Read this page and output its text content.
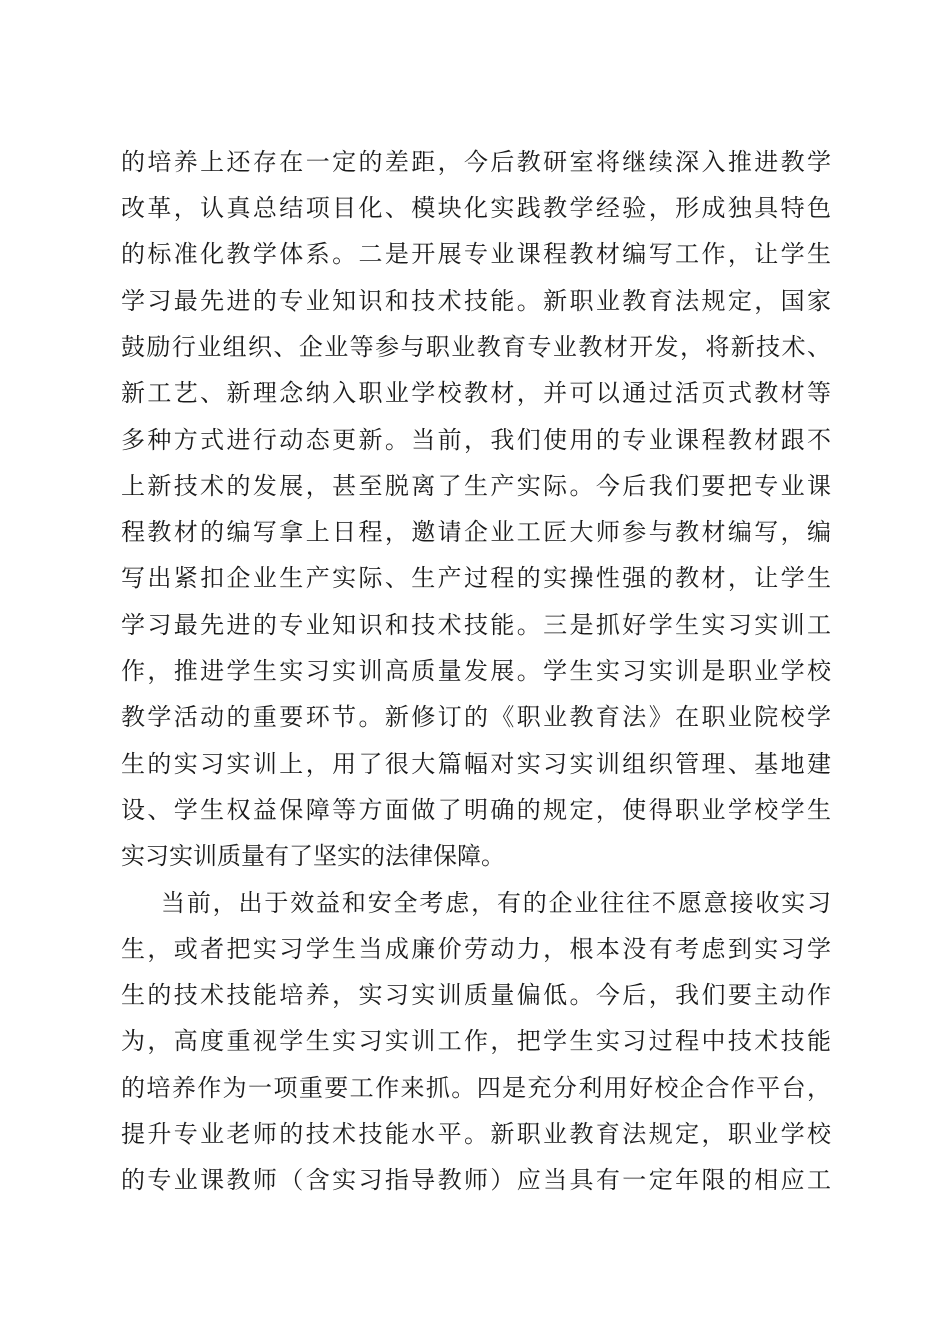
的培养上还存在一定的差距，今后教研室将继续深入推进教学
改革，认真总结项目化、模块化实践教学经验，形成独具特色
的标准化教学体系。二是开展专业课程教材编写工作，让学生
学习最先进的专业知识和技术技能。新职业教育法规定，国家
鼓励行业组织、企业等参与职业教育专业教材开发，将新技术、
新工艺、新理念纳入职业学校教材，并可以通过活页式教材等
多种方式进行动态更新。当前，我们使用的专业课程教材跟不
上新技术的发展，甚至脱离了生产实际。今后我们要把专业课
程教材的编写拿上日程，邀请企业工匠大师参与教材编写，编
写出紧扣企业生产实际、生产过程的实操性强的教材，让学生
学习最先进的专业知识和技术技能。三是抓好学生实习实训工
作，推进学生实习实训高质量发展。学生实习实训是职业学校
教学活动的重要环节。新修订的《职业教育法》在职业院校学
生的实习实训上，用了很大篇幅对实习实训组织管理、基地建
设、学生权益保障等方面做了明确的规定，使得职业学校学生
实习实训质量有了坚实的法律保障。
当前，出于效益和安全考虑，有的企业往往不愿意接收实习
生，或者把实习学生当成廉价劳动力，根本没有考虑到实习学
生的技术技能培养，实习实训质量偏低。今后，我们要主动作
为，高度重视学生实习实训工作，把学生实习过程中技术技能
的培养作为一项重要工作来抓。四是充分利用好校企合作平台，
提升专业老师的技术技能水平。新职业教育法规定，职业学校
的专业课教师（含实习指导教师）应当具有一定年限的相应工
